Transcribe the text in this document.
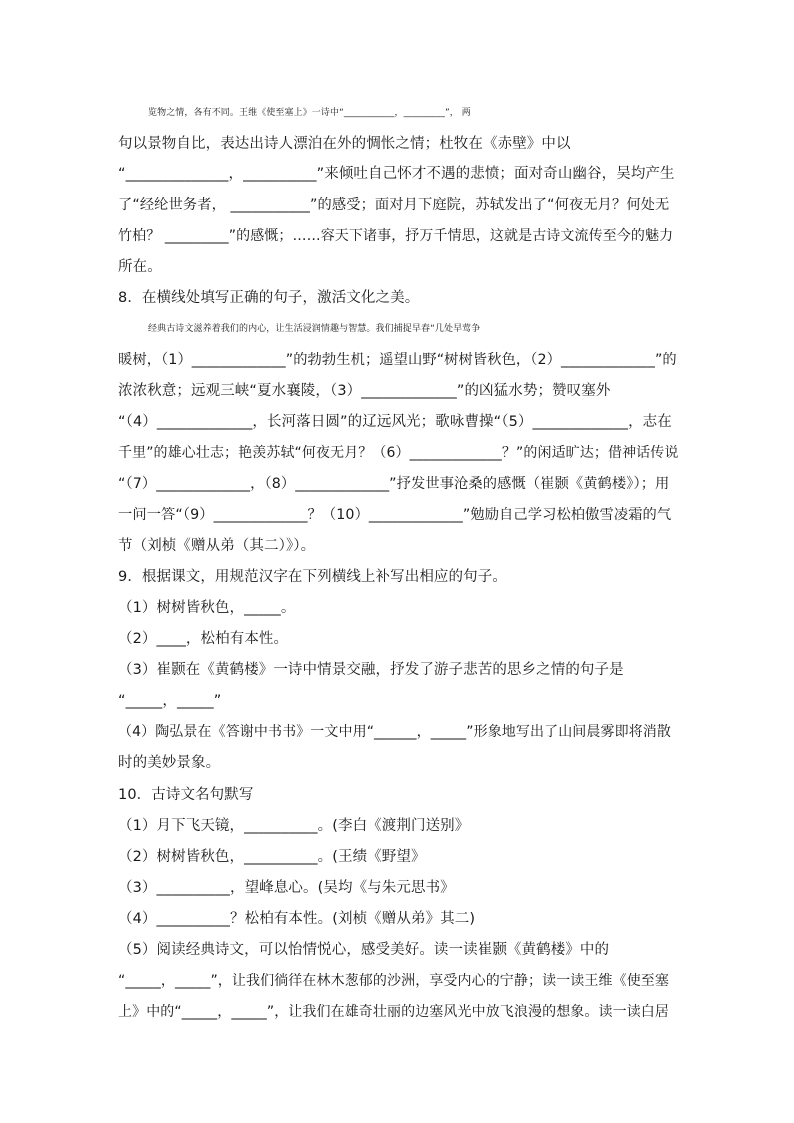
览物之情，各有不同。王维《使至塞上》一诗中“___________，_________”， 两
句以景物自比，表达出诗人漂泊在外的惆怅之情；杜牧在《赤壁》中以
“______________，__________”来倾吐自己怀才不遇的悲愤；面对奇山幽谷，吴均产生
了“经纶世务者， ___________”的感受；面对月下庭院，苏轼发出了“何夜无月？何处无
竹柏？ _________”的感慨；……容天下诸事，抒万千情思，这就是古诗文流传至今的魅力
所在。
8．在横线处填写正确的句子，激活文化之美。
经典古诗文滋养着我们的内心，让生活浸润情趣与智慧。我们捕捉早春“几处早莺争
暖树，（1）_____________”的勃勃生机；遥望山野“树树皆秋色，（2）_____________”的
浓浓秋意；远观三峡“夏水襄陵，（3）_____________”的凶猛水势；赞叹塞外
“（4）_____________，长河落日圆”的辽远风光；歌咏曹操“（5）_____________，志在
千里”的雄心壮志；艳羡苏轼“何夜无月？（6）_____________？”的闲适旷达；借神话传说
“（7）_____________，（8）_____________”抒发世事沧桑的感慨（崔颢《黄鹤楼》）；用
一问一答“（9）_____________？（10）_____________”勉励自己学习松柏傲雪凌霜的气
节（刘桢《赠从弟（其二）》）。
9．根据课文，用规范汉字在下列横线上补写出相应的句子。
（1）树树皆秋色，_____。
（2）____，松柏有本性。
（3）崔颢在《黄鹤楼》一诗中情景交融，抒发了游子悲苦的思乡之情的句子是
“_____，_____”
（4）陶弘景在《答谢中书书》一文中用“______，_____”形象地写出了山间晨雾即将消散
时的美妙景象。
10．古诗文名句默写
（1）月下飞天镜，__________。(李白《渡荆门送别》
（2）树树皆秋色，__________。(王绩《野望》
（3）__________，望峰息心。(吴均《与朱元思书》
（4）__________？松柏有本性。(刘桢《赠从弟》其二)
（5）阅读经典诗文，可以怡情悦心，感受美好。读一读崔颢《黄鹤楼》中的
“_____，_____”，让我们徜徉在林木葱郁的沙洲，享受内心的宁静；读一读王维《使至塞
上》中的“_____，_____”，让我们在雄奇壮丽的边塞风光中放飞浪漫的想象。读一读白居
